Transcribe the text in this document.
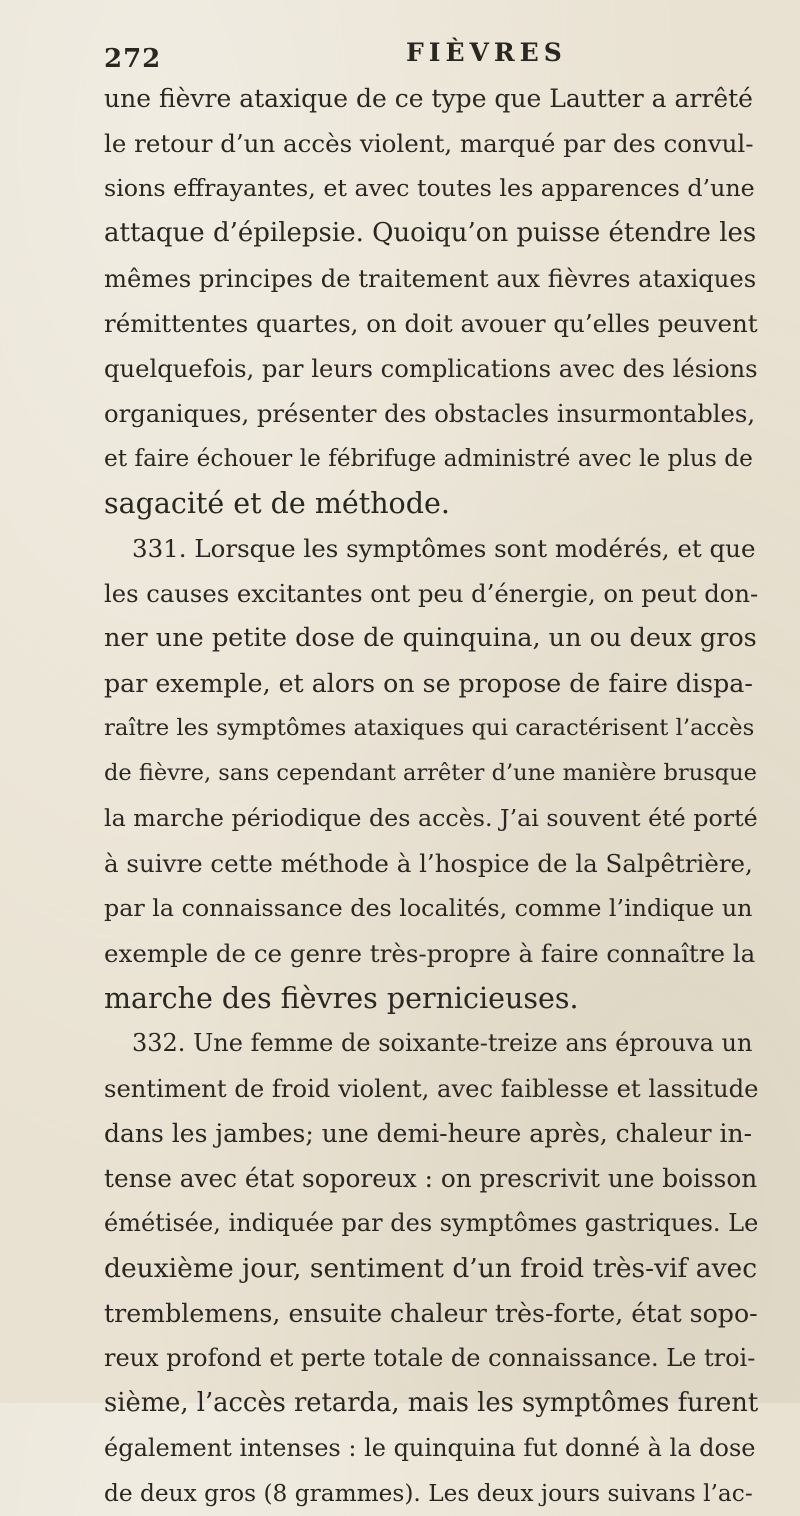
272	FIÈVRES
une fièvre ataxique de ce type que Lautter a arrêté
le retour d’un accès violent, marqué par des convul-
sions effrayantes, et avec toutes les apparences d’une
attaque d’épilepsie. Quoiqu’on puisse étendre les
mêmes principes de traitement aux fièvres ataxiques
rémittentes quartes, on doit avouer qu’elles peuvent
quelquefois, par leurs complications avec des lésions
organiques, présenter des obstacles insurmontables,
et faire échouer le fébrifuge administré avec le plus de
sagacité et de méthode.
331. Lorsque les symptômes sont modérés, et que
les causes excitantes ont peu d’énergie, on peut don-
ner une petite dose de quinquina, un ou deux gros
par exemple, et alors on se propose de faire dispa-
raître les symptômes ataxiques qui caractérisent l’accès
de fièvre, sans cependant arrêter d’une manière brusque
la marche périodique des accès. J’ai souvent été porté
à suivre cette méthode à l’hospice de la Salpêtrière,
par la connaissance des localités, comme l’indique un
exemple de ce genre très-propre à faire connaître la
marche des fièvres pernicieuses.
332. Une femme de soixante-treize ans éprouva un
sentiment de froid violent, avec faiblesse et lassitude
dans les jambes; une demi-heure après, chaleur in-
tense avec état soporeux : on prescrivit une boisson
émétisée, indiquée par des symptômes gastriques. Le
deuxième jour, sentiment d’un froid très-vif avec
tremblemens, ensuite chaleur très-forte, état sopo-
reux profond et perte totale de connaissance. Le troi-
sième, l’accès retarda, mais les symptômes furent
également intenses : le quinquina fut donné à la dose
de deux gros (8 grammes). Les deux jours suivans l’ac-
